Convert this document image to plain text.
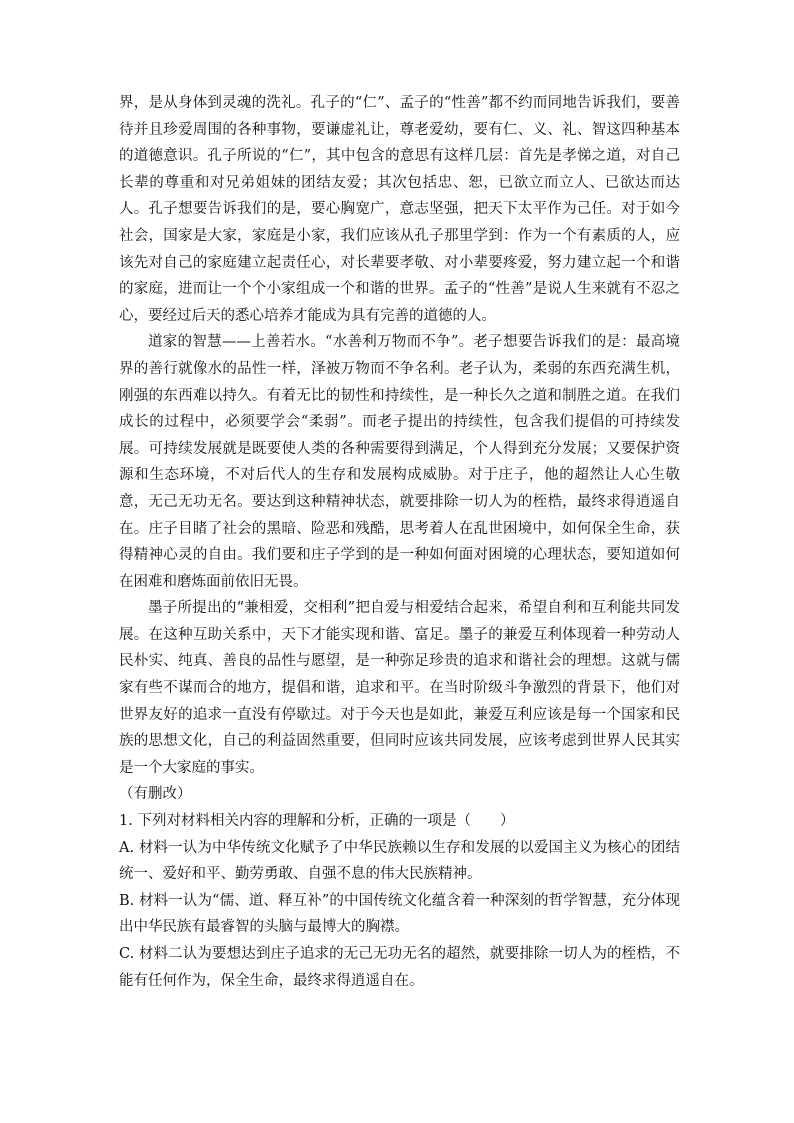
界，是从身体到灵魂的洗礼。孔子的“仁”、孟子的“性善”都不约而同地告诉我们，要善待并且珍爱周围的各种事物，要谦虚礼让，尊老爱幼，要有仁、义、礼、智这四种基本的道德意识。孔子所说的“仁”，其中包含的意思有这样几层：首先是孝悌之道，对自己长辈的尊重和对兄弟姐妹的团结友爱；其次包括忠、恕，已欲立而立人、已欲达而达人。孔子想要告诉我们的是，要心胸宽广，意志坚强，把天下太平作为己任。对于如今社会，国家是大家，家庭是小家，我们应该从孔子那里学到：作为一个有素质的人，应该先对自己的家庭建立起责任心，对长辈要孝敬、对小辈要疼爱，努力建立起一个和谐的家庭，进而让一个个小家组成一个和谐的世界。孟子的“性善”是说人生来就有不忍之心，要经过后天的悉心培养才能成为具有完善的道德的人。

道家的智慧——上善若水。“水善利万物而不争”。老子想要告诉我们的是：最高境界的善行就像水的品性一样，泽被万物而不争名利。老子认为，柔弱的东西充满生机，刚强的东西难以持久。有着无比的韧性和持续性，是一种长久之道和制胜之道。在我们成长的过程中，必须要学会“柔弱”。而老子提出的持续性，包含我们提倡的可持续发展。可持续发展就是既要使人类的各种需要得到满足，个人得到充分发展；又要保护资源和生态环境，不对后代人的生存和发展构成威胁。对于庄子，他的超然让人心生敬意，无己无功无名。要达到这种精神状态，就要排除一切人为的桎梏，最终求得逍遥自在。庄子目睹了社会的黑暗、险恶和残酷，思考着人在乱世困境中，如何保全生命，获得精神心灵的自由。我们要和庄子学到的是一种如何面对困境的心理状态，要知道如何在困难和磨炼面前依旧无畏。

墨子所提出的“兼相爱，交相利”把自爱与相爱结合起来，希望自利和互利能共同发展。在这种互助关系中，天下才能实现和谐、富足。墨子的兼爱互利体现着一种劳动人民朴实、纯真、善良的品性与愿望，是一种弥足珍贵的追求和谐社会的理想。这就与儒家有些不谋而合的地方，提倡和谐，追求和平。在当时阶级斗争激烈的背景下，他们对世界友好的追求一直没有停歇过。对于今天也是如此，兼爱互利应该是每一个国家和民族的思想文化，自己的利益固然重要，但同时应该共同发展，应该考虑到世界人民其实是一个大家庭的事实。

（有删改）

1. 下列对材料相关内容的理解和分析，正确的一项是（　　）

A. 材料一认为中华传统文化赋予了中华民族赖以生存和发展的以爱国主义为核心的团结统一、爱好和平、勤劳勇敢、自强不息的伟大民族精神。

B. 材料一认为“儒、道、释互补”的中国传统文化蕴含着一种深刻的哲学智慧，充分体现出中华民族有最睿智的头脑与最博大的胸襟。

C. 材料二认为要想达到庄子追求的无己无功无名的超然，就要排除一切人为的桎梏，不能有任何作为，保全生命，最终求得逍遥自在。
